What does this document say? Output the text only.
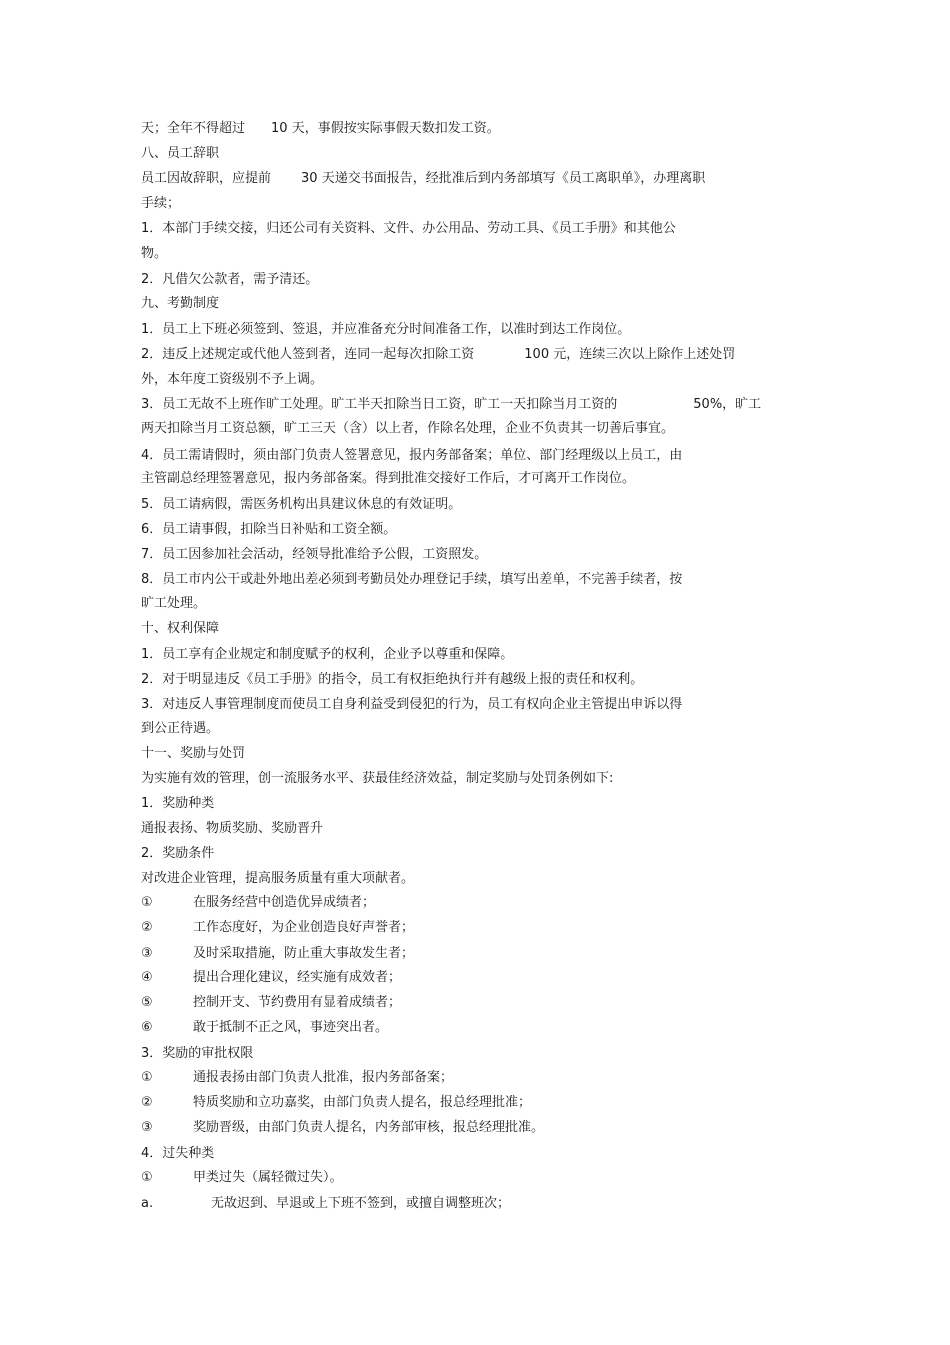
天；全年不得超过 10 天，事假按实际事假天数扣发工资。
八、员工辞职
员工因故辞职，应提前 30 天递交书面报告，经批准后到内务部填写《员工离职单》，办理离职
手续；
1．本部门手续交接，归还公司有关资料、文件、办公用品、劳动工具、《员工手册》和其他公
物。
2．凡借欠公款者，需予清还。
九、考勤制度
1．员工上下班必须签到、签退，并应准备充分时间准备工作，以准时到达工作岗位。
2．违反上述规定或代他人签到者，连同一起每次扣除工资	100 元，连续三次以上除作上述处罚
外，本年度工资级别不予上调。
3．员工无故不上班作旷工处理。旷工半天扣除当日工资，旷工一天扣除当月工资的	50%，旷工
两天扣除当月工资总额，旷工三天（含）以上者，作除名处理，企业不负责其一切善后事宜。
4．员工需请假时，须由部门负责人签署意见，报内务部备案；单位、部门经理级以上员工，由
主管副总经理签署意见，报内务部备案。得到批准交接好工作后，才可离开工作岗位。
5．员工请病假，需医务机构出具建议休息的有效证明。
6．员工请事假，扣除当日补贴和工资全额。
7．员工因参加社会活动，经领导批准给予公假，工资照发。
8．员工市内公干或赴外地出差必须到考勤员处办理登记手续，填写出差单，不完善手续者，按
旷工处理。
十、权利保障
1．员工享有企业规定和制度赋予的权利，企业予以尊重和保障。
2．对于明显违反《员工手册》的指令，员工有权拒绝执行并有越级上报的责任和权利。
3．对违反人事管理制度而使员工自身利益受到侵犯的行为，员工有权向企业主管提出申诉以得
到公正待遇。
十一、奖励与处罚
为实施有效的管理，创一流服务水平、获最佳经济效益，制定奖励与处罚条例如下:
1．奖励种类
通报表扬、物质奖励、奖励晋升
2．奖励条件
对改进企业管理，提高服务质量有重大项献者。
①	在服务经营中创造优异成绩者；
②	工作态度好，为企业创造良好声誉者；
③	及时采取措施，防止重大事故发生者；
④	提出合理化建议，经实施有成效者；
⑤	控制开支、节约费用有显着成绩者；
⑥	敢于抵制不正之风，事迹突出者。
3．奖励的审批权限
①	通报表扬由部门负责人批准，报内务部备案；
②	特质奖励和立功嘉奖，由部门负责人提名，报总经理批准；
③	奖励晋级，由部门负责人提名，内务部审核，报总经理批准。
4．过失种类
①	甲类过失（属轻微过失）。
a.	无故迟到、早退或上下班不签到，或擅自调整班次；
